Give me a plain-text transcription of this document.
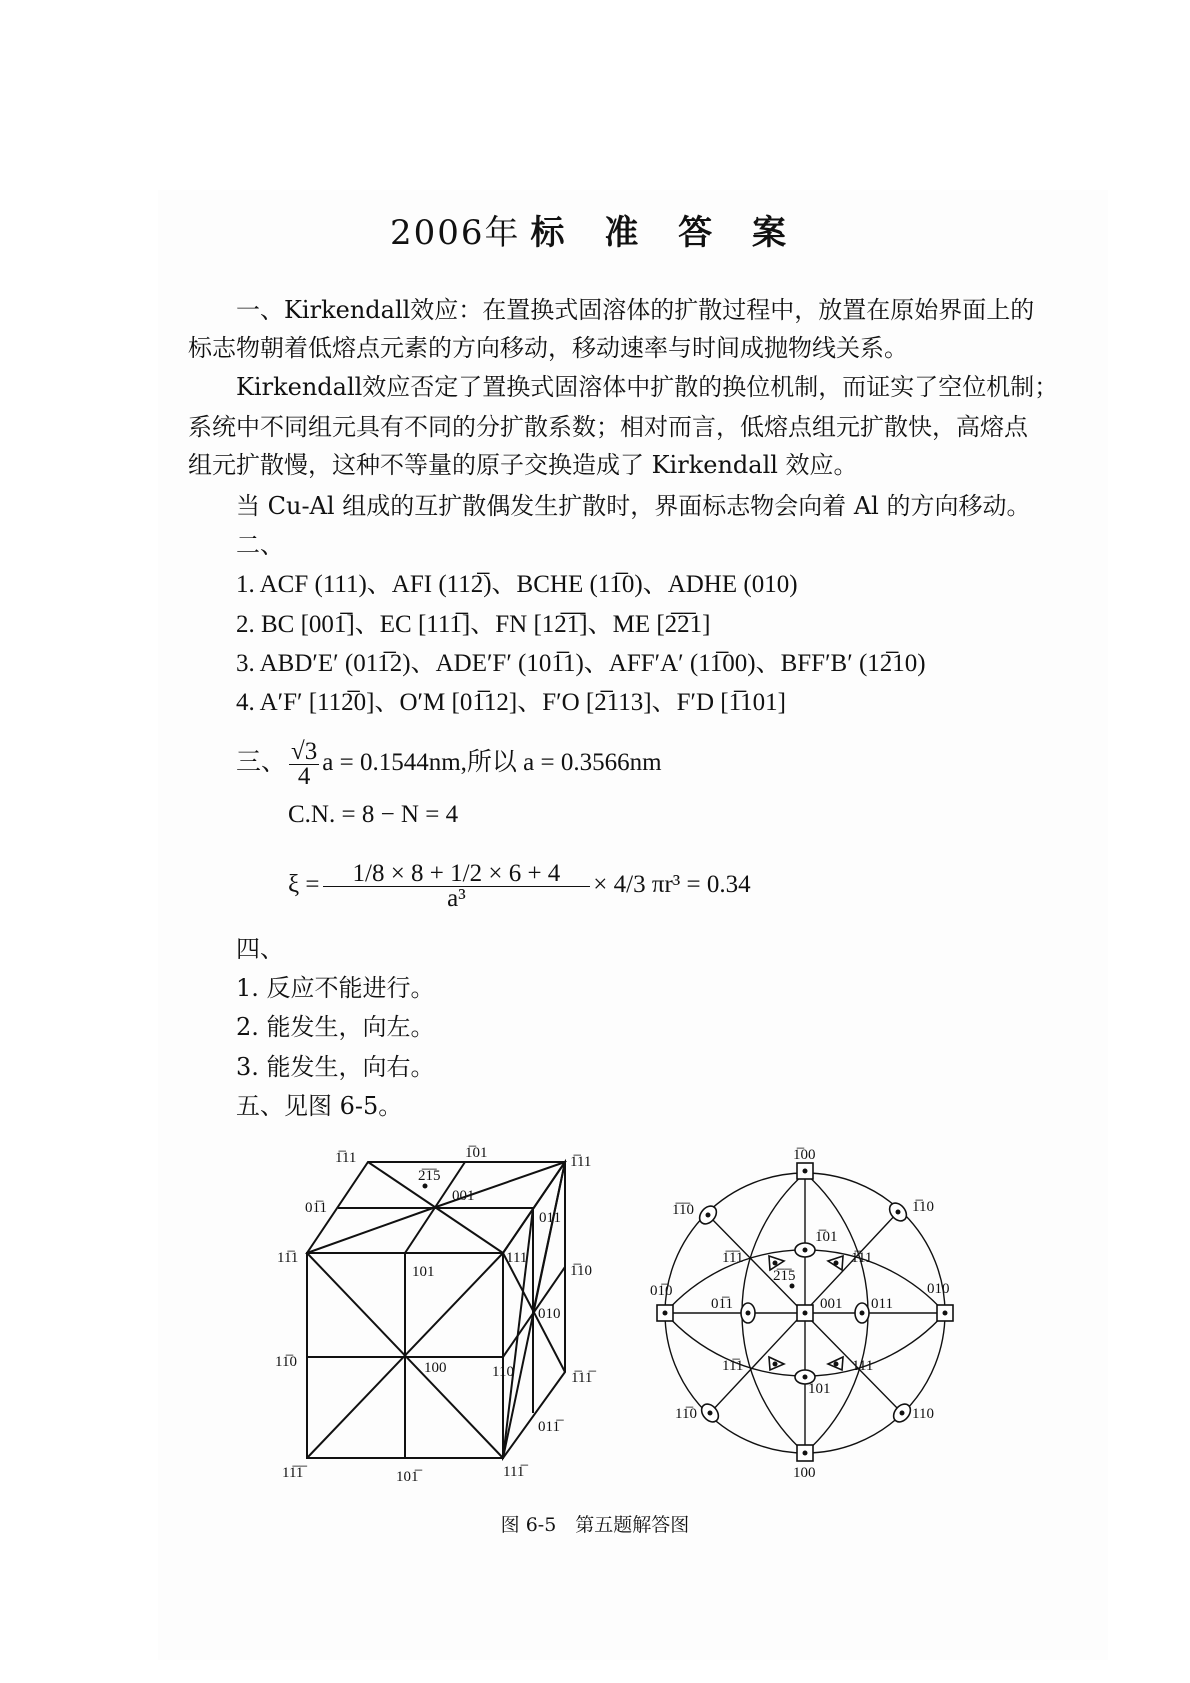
2006年 标 准 答 案
一、Kirkendall效应：在置换式固溶体的扩散过程中，放置在原始界面上的
标志物朝着低熔点元素的方向移动，移动速率与时间成抛物线关系。
Kirkendall效应否定了置换式固溶体中扩散的换位机制，而证实了空位机制；
系统中不同组元具有不同的分扩散系数；相对而言，低熔点组元扩散快，高熔点
组元扩散慢，这种不等量的原子交换造成了 Kirkendall 效应。
当 Cu-Al 组成的互扩散偶发生扩散时，界面标志物会向着 Al 的方向移动。
二、
1. ACF (111)、AFI (112̅)、BCHE (11̅0)、ADHE (010)
2. BC [001̅]、EC [111̅]、FN [12̅1̅]、ME [2̅2̅1]
3. ABD′E′ (011̅2)、ADE′F′ (101̅1)、AFF′A′ (11̅00)、BFF′B′ (12̅10)
4. A′F′ [112̅0]、O′M [01̅12]、F′O [2̅113]、F′D [1̅101]
三、 $\frac{√3}{4}$ a = 0.1544nm,所以 a = 0.3566nm
C.N. = 8 − N = 4
$\xi = \frac{1/8 \times 8 + 1/2 \times 6 + 4}{\text{a³}} \times 4/3$ πr³ = 0.34
四、
1. 反应不能进行。
2. 能发生，向左。
3. 能发生，向右。
五、见图 6-5。
1̅11	1̅01
2̅1̅5
001
01̅1
011
1̅11
11̅1	111
101	1̅10
010
11̅0	100	110	1̅11̅
011̅
11̅1̅	101̅	111̅
1̅00
1̅1̅0	1̅10
1̅01
1̅1̅1	1̅11
2̅1̅5
01̅0	010
01̅1	001 011
11̅1	111
101
11̅0	110
100
图 6-5　第五题解答图
